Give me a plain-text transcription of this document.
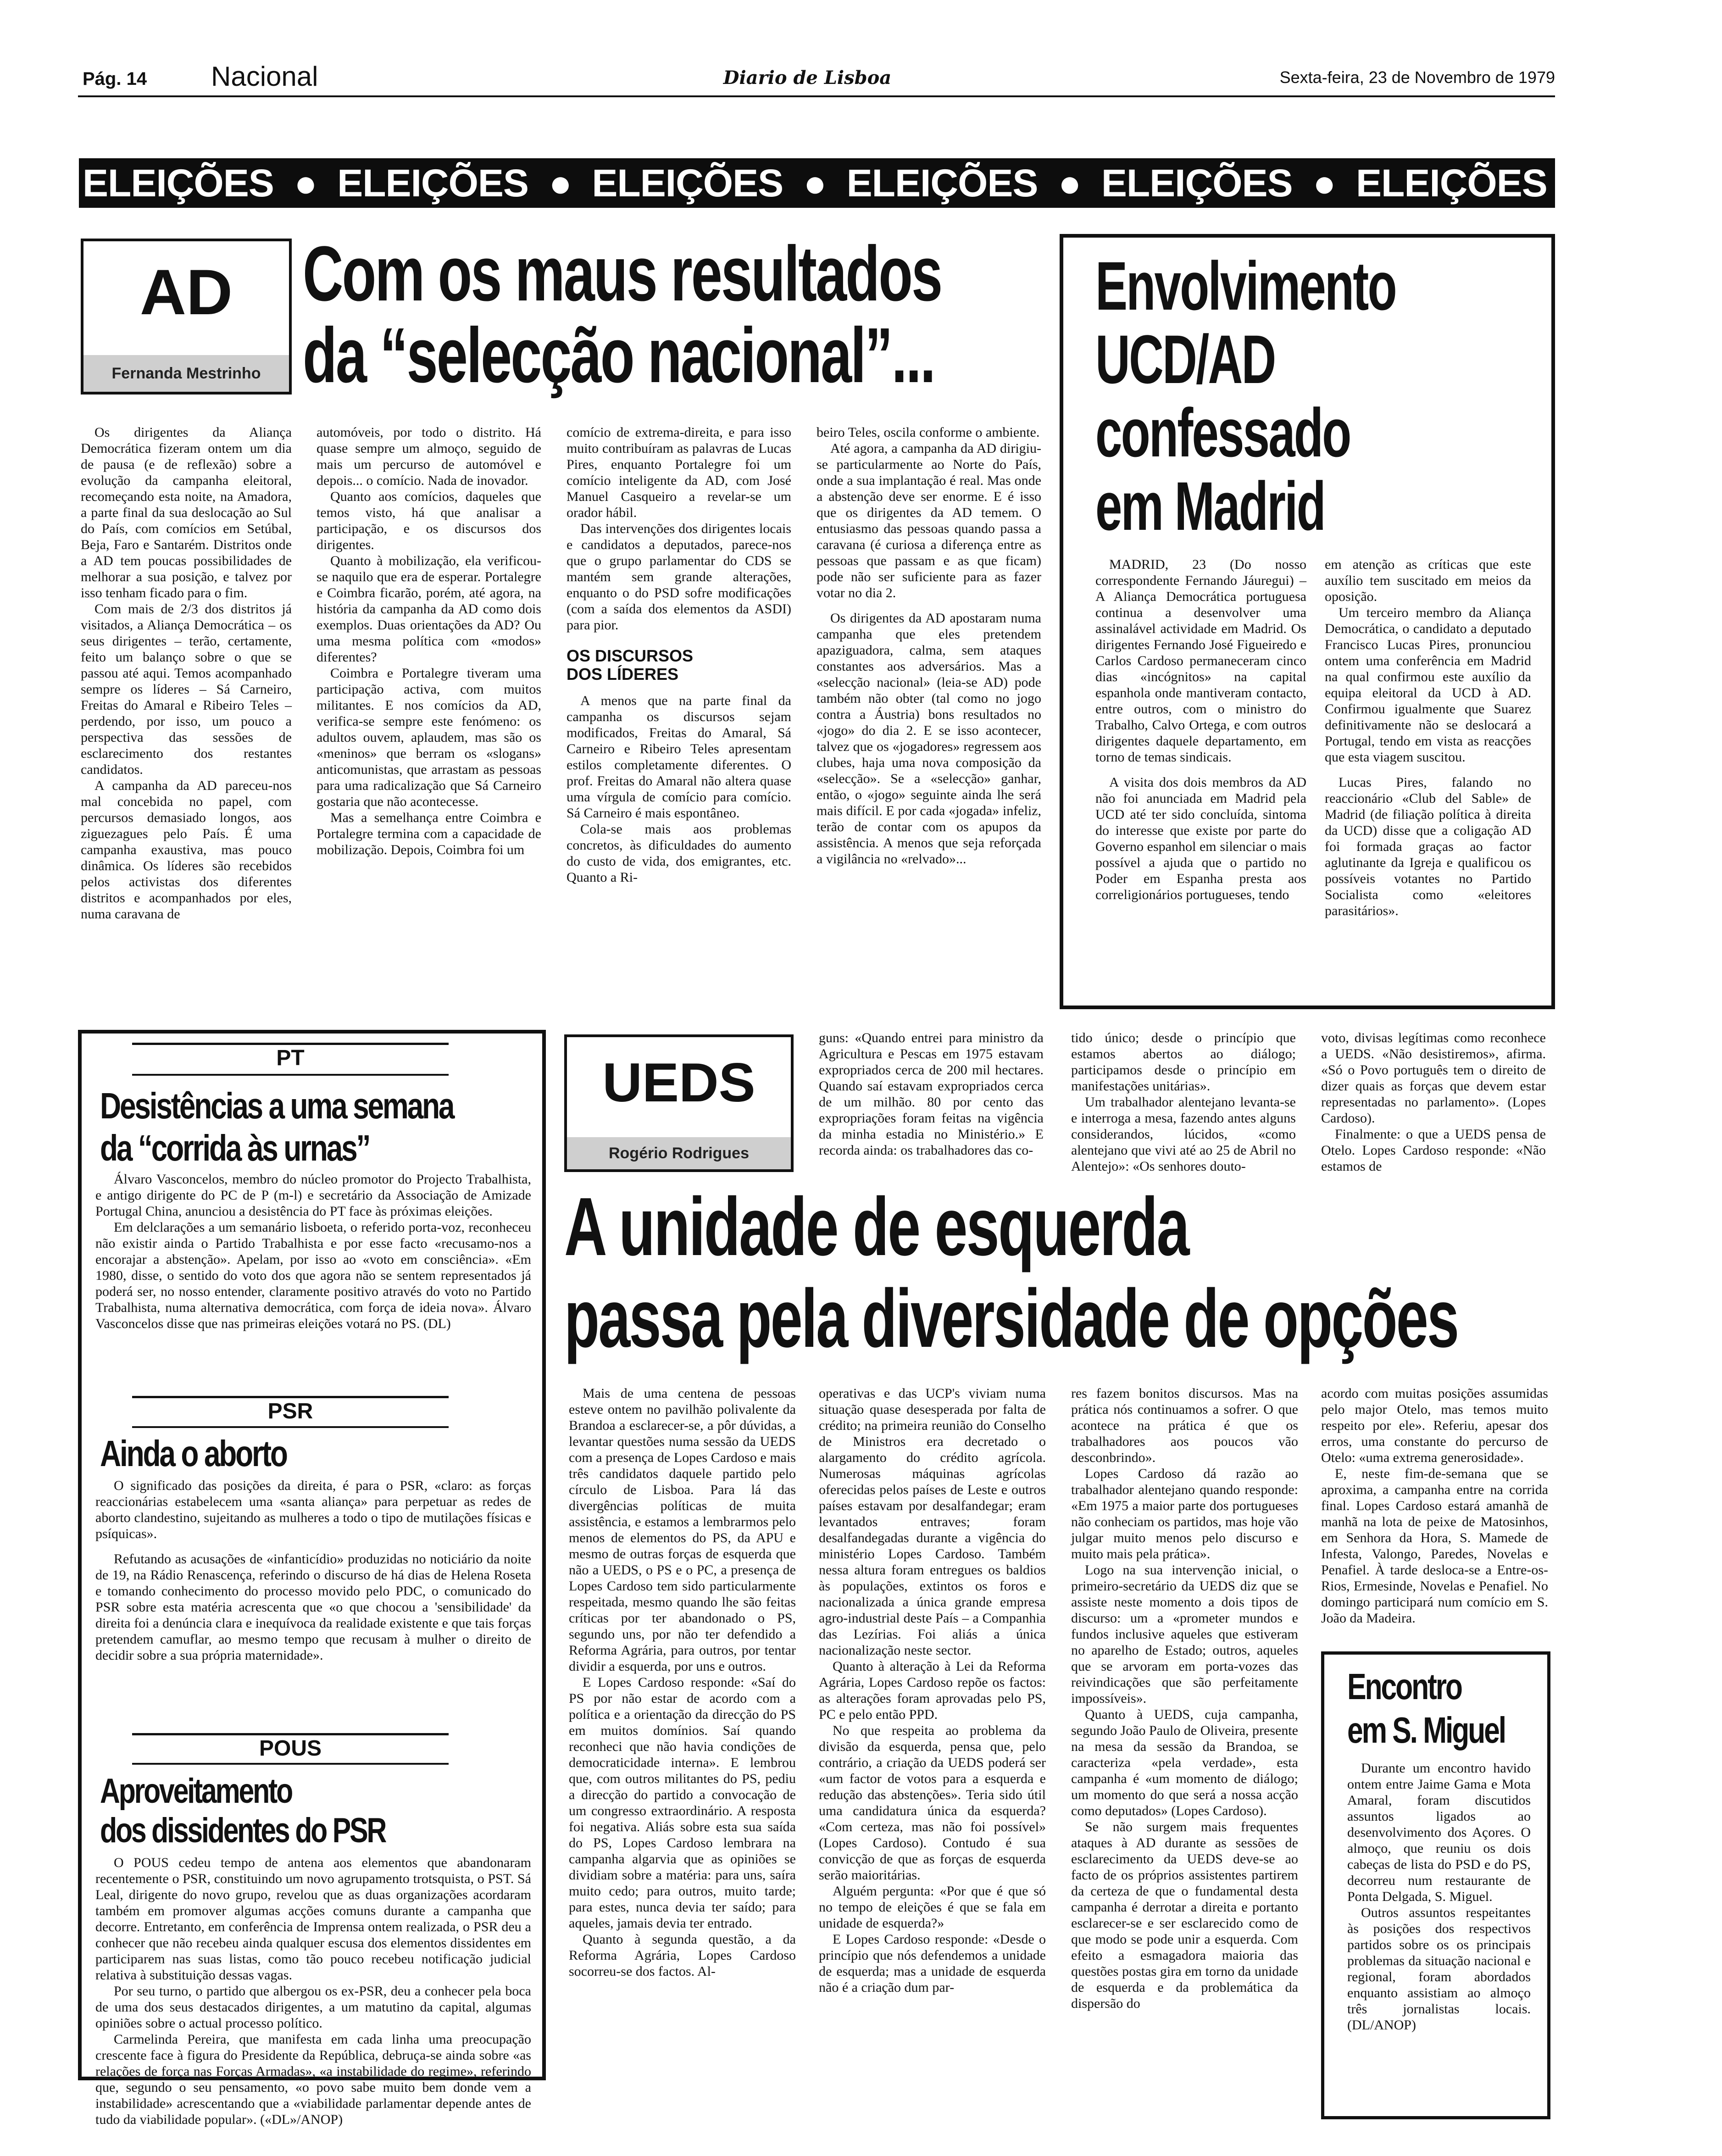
Pág. 14 Nacional	Diario de Lisboa	Sexta-feira, 23 de Novembro de 1979
ELEIÇÕES ● ELEIÇÕES ● ELEIÇÕES ● ELEIÇÕES ● ELEIÇÕES ● ELEIÇÕES ● ELEIÇ
AD
Fernanda Mestrinho
Com os maus resultados
da “selecção nacional”...

Os dirigentes da Aliança Democrática fizeram ontem um dia de pausa (e de reflexão) sobre a evolução da campanha eleitoral, recomeçando esta noite, na Amadora, a parte final da sua deslocação ao Sul do País, com comícios em Setúbal, Beja, Faro e Santarém. Distritos onde a AD tem poucas possibilidades de melhorar a sua posição, e talvez por isso tenham ficado para o fim.

Com mais de 2/3 dos distritos já visitados, a Aliança Democrática – os seus dirigentes – terão, certamente, feito um balanço sobre o que se passou até aqui. Temos acompanhado sempre os líderes – Sá Carneiro, Freitas do Amaral e Ribeiro Teles – perdendo, por isso, um pouco a perspectiva das sessões de esclarecimento dos restantes candidatos.

A campanha da AD pareceu-nos mal concebida no papel, com percursos demasiado longos, aos ziguezagues pelo País. É uma campanha exaustiva, mas pouco dinâmica. Os líderes são recebidos pelos activistas dos diferentes distritos e acompanhados por eles, numa caravana de

automóveis, por todo o distrito. Há quase sempre um almoço, seguido de mais um percurso de automóvel e depois... o comício. Nada de inovador.

Quanto aos comícios, daqueles que temos visto, há que analisar a participação, e os discursos dos dirigentes.

Quanto à mobilização, ela verificou-se naquilo que era de esperar. Portalegre e Coimbra ficarão, porém, até agora, na história da campanha da AD como dois exemplos. Duas orientações da AD? Ou uma mesma política com «modos» diferentes?

Coimbra e Portalegre tiveram uma participação activa, com muitos militantes. E nos comícios da AD, verifica-se sempre este fenómeno: os adultos ouvem, aplaudem, mas são os «meninos» que berram os «slogans» anticomunistas, que arrastam as pessoas para uma radicalização que Sá Carneiro gostaria que não acontecesse.

Mas a semelhança entre Coimbra e Portalegre termina com a capacidade de mobilização. Depois, Coimbra foi um

comício de extrema-direita, e para isso muito contribuíram as palavras de Lucas Pires, enquanto Portalegre foi um comício inteligente da AD, com José Manuel Casqueiro a revelar-se um orador hábil.

Das intervenções dos dirigentes locais e candidatos a deputados, parece-nos que o grupo parlamentar do CDS se mantém sem grande alterações, enquanto o do PSD sofre modificações (com a saída dos elementos da ASDI) para pior.

OS DISCURSOS DOS LÍDERES

A menos que na parte final da campanha os discursos sejam modificados, Freitas do Amaral, Sá Carneiro e Ribeiro Teles apresentam estilos completamente diferentes. O prof. Freitas do Amaral não altera quase uma vírgula de comício para comício. Sá Carneiro é mais espontâneo.

Cola-se mais aos problemas concretos, às dificuldades do aumento do custo de vida, dos emigrantes, etc. Quanto a Ri-

beiro Teles, oscila conforme o ambiente.

Até agora, a campanha da AD dirigiu-se particularmente ao Norte do País, onde a sua implantação é real. Mas onde a abstenção deve ser enorme. E é isso que os dirigentes da AD temem. O entusiasmo das pessoas quando passa a caravana (é curiosa a diferença entre as pessoas que passam e as que ficam) pode não ser suficiente para as fazer votar no dia 2.

Os dirigentes da AD apostaram numa campanha que eles pretendem apaziguadora, calma, sem ataques constantes aos adversários. Mas a «selecção nacional» (leia-se AD) pode também não obter (tal como no jogo contra a Áustria) bons resultados no «jogo» do dia 2. E se isso acontecer, talvez que os «jogadores» regressem aos clubes, haja uma nova composição da «selecção». Se a «selecção» ganhar, então, o «jogo» seguinte ainda lhe será mais difícil. E por cada «jogada» infeliz, terão de contar com os apupos da assistência. A menos que seja reforçada a vigilância no «relvado»...

Envolvimento
UCD/AD
confessado
em Madrid

MADRID, 23 (Do nosso correspondente Fernando Jáuregui) – A Aliança Democrática portuguesa continua a desenvolver uma assinalável actividade em Madrid. Os dirigentes Fernando José Figueiredo e Carlos Cardoso permaneceram cinco dias «incógnitos» na capital espanhola onde mantiveram contacto, entre outros, com o ministro do Trabalho, Calvo Ortega, e com outros dirigentes daquele departamento, em torno de temas sindicais.

A visita dos dois membros da AD não foi anunciada em Madrid pela UCD até ter sido concluída, sintoma do interesse que existe por parte do Governo espanhol em silenciar o mais possível a ajuda que o partido no Poder em Espanha presta aos correligionários portugueses, tendo

em atenção as críticas que este auxílio tem suscitado em meios da oposição.

Um terceiro membro da Aliança Democrática, o candidato a deputado Francisco Lucas Pires, pronunciou ontem uma conferência em Madrid na qual confirmou este auxílio da equipa eleitoral da UCD à AD. Confirmou igualmente que Suarez definitivamente não se deslocará a Portugal, tendo em vista as reacções que esta viagem suscitou.

Lucas Pires, falando no reaccionário «Club del Sable» de Madrid (de filiação política à direita da UCD) disse que a coligação AD foi formada graças ao factor aglutinante da Igreja e qualificou os possíveis votantes no Partido Socialista como «eleitores parasitários».

PT
Desistências a uma semana
da “corrida às urnas”

Álvaro Vasconcelos, membro do núcleo promotor do Projecto Trabalhista, e antigo dirigente do PC de P (m-l) e secretário da Associação de Amizade Portugal China, anunciou a desistência do PT face às próximas eleições.

Em delclarações a um semanário lisboeta, o referido porta-voz, reconheceu não existir ainda o Partido Trabalhista e por esse facto «recusamo-nos a encorajar a abstenção». Apelam, por isso ao «voto em consciência». «Em 1980, disse, o sentido do voto dos que agora não se sentem representados já poderá ser, no nosso entender, claramente positivo através do voto no Partido Trabalhista, numa alternativa democrática, com força de ideia nova». Álvaro Vasconcelos disse que nas primeiras eleições votará no PS. (DL)

PSR
Ainda o aborto

O significado das posições da direita, é para o PSR, «claro: as forças reaccionárias estabelecem uma «santa aliança» para perpetuar as redes de aborto clandestino, sujeitando as mulheres a todo o tipo de mutilações físicas e psíquicas».

Refutando as acusações de «infanticídio» produzidas no noticiário da noite de 19, na Rádio Renascença, referindo o discurso de há dias de Helena Roseta e tomando conhecimento do processo movido pelo PDC, o comunicado do PSR sobre esta matéria acrescenta que «o que chocou a 'sensibilidade' da direita foi a denúncia clara e inequívoca da realidade existente e que tais forças pretendem camuflar, ao mesmo tempo que recusam à mulher o direito de decidir sobre a sua própria maternidade».

POUS
Aproveitamento
dos dissidentes do PSR

O POUS cedeu tempo de antena aos elementos que abandonaram recentemente o PSR, constituindo um novo agrupamento trotsquista, o PST. Sá Leal, dirigente do novo grupo, revelou que as duas organizações acordaram também em promover algumas acções comuns durante a campanha que decorre. Entretanto, em conferência de Imprensa ontem realizada, o PSR deu a conhecer que não recebeu ainda qualquer escusa dos elementos dissidentes em participarem nas suas listas, como tão pouco recebeu notificação judicial relativa à substituição dessas vagas.

Por seu turno, o partido que albergou os ex-PSR, deu a conhecer pela boca de uma dos seus destacados dirigentes, a um matutino da capital, algumas opiniões sobre o actual processo político.

Carmelinda Pereira, que manifesta em cada linha uma preocupação crescente face à figura do Presidente da República, debruça-se ainda sobre «as relações de força nas Forças Armadas», «a instabilidade do regime», referindo que, segundo o seu pensamento, «o povo sabe muito bem donde vem a instabilidade» acrescentando que a «viabilidade parlamentar depende antes de tudo da viabilidade popular». («DL»/ANOP)

UEDS
Rogério Rodrigues

guns: «Quando entrei para ministro da Agricultura e Pescas em 1975 estavam expropriados cerca de 200 mil hectares. Quando saí estavam expropriados cerca de um milhão. 80 por cento das expropriações foram feitas na vigência da minha estadia no Ministério.» E recorda ainda: os trabalhadores das co-

tido único; desde o princípio que estamos abertos ao diálogo; participamos desde o princípio em manifestações unitárias».

Um trabalhador alentejano levanta-se e interroga a mesa, fazendo antes alguns considerandos, lúcidos, «como alentejano que vivi até ao 25 de Abril no Alentejo»: «Os senhores douto-

voto, divisas legítimas como reconhece a UEDS. «Não desistiremos», afirma. «Só o Povo português tem o direito de dizer quais as forças que devem estar representadas no parlamento». (Lopes Cardoso).

Finalmente: o que a UEDS pensa de Otelo. Lopes Cardoso responde: «Não estamos de

A unidade de esquerda
passa pela diversidade de opções

Mais de uma centena de pessoas esteve ontem no pavilhão polivalente da Brandoa a esclarecer-se, a pôr dúvidas, a levantar questões numa sessão da UEDS com a presença de Lopes Cardoso e mais três candidatos daquele partido pelo círculo de Lisboa. Para lá das divergências políticas de muita assistência, e estamos a lembrarmos pelo menos de elementos do PS, da APU e mesmo de outras forças de esquerda que não a UEDS, o PS e o PC, a presença de Lopes Cardoso tem sido particularmente respeitada, mesmo quando lhe são feitas críticas por ter abandonado o PS, segundo uns, por não ter defendido a Reforma Agrária, para outros, por tentar dividir a esquerda, por uns e outros.

E Lopes Cardoso responde: «Saí do PS por não estar de acordo com a política e a orientação da direcção do PS em muitos domínios. Saí quando reconheci que não havia condições de democraticidade interna». E lembrou que, com outros militantes do PS, pediu a direcção do partido a convocação de um congresso extraordinário. A resposta foi negativa. Aliás sobre esta sua saída do PS, Lopes Cardoso lembrara na campanha algarvia que as opiniões se dividiam sobre a matéria: para uns, saíra muito cedo; para outros, muito tarde; para estes, nunca devia ter saído; para aqueles, jamais devia ter entrado.

Quanto à segunda questão, a da Reforma Agrária, Lopes Cardoso socorreu-se dos factos. Al-

operativas e das UCP's viviam numa situação quase desesperada por falta de crédito; na primeira reunião do Conselho de Ministros era decretado o alargamento do crédito agrícola. Numerosas máquinas agrícolas oferecidas pelos países de Leste e outros países estavam por desalfandegar; eram levantados entraves; foram desalfandegadas durante a vigência do ministério Lopes Cardoso. Também nessa altura foram entregues os baldios às populações, extintos os foros e nacionalizada a única grande empresa agro-industrial deste País – a Companhia das Lezírias. Foi aliás a única nacionalização neste sector.

Quanto à alteração à Lei da Reforma Agrária, Lopes Cardoso repõe os factos: as alterações foram aprovadas pelo PS, PC e pelo então PPD.

No que respeita ao problema da divisão da esquerda, pensa que, pelo contrário, a criação da UEDS poderá ser «um factor de votos para a esquerda e redução das abstenções». Teria sido útil uma candidatura única da esquerda? «Com certeza, mas não foi possível» (Lopes Cardoso). Contudo é sua convicção de que as forças de esquerda serão maioritárias.

Alguém pergunta: «Por que é que só no tempo de eleições é que se fala em unidade de esquerda?»

E Lopes Cardoso responde: «Desde o princípio que nós defendemos a unidade de esquerda; mas a unidade de esquerda não é a criação dum par-

res fazem bonitos discursos. Mas na prática nós continuamos a sofrer. O que acontece na prática é que os trabalhadores aos poucos vão desconbrindo».

Lopes Cardoso dá razão ao trabalhador alentejano quando responde: «Em 1975 a maior parte dos portugueses não conheciam os partidos, mas hoje vão julgar muito menos pelo discurso e muito mais pela prática».

Logo na sua intervenção inicial, o primeiro-secretário da UEDS diz que se assiste neste momento a dois tipos de discurso: um a «prometer mundos e fundos inclusive aqueles que estiveram no aparelho de Estado; outros, aqueles que se arvoram em porta-vozes das reivindicações que são perfeitamente impossíveis».

Quanto à UEDS, cuja campanha, segundo João Paulo de Oliveira, presente na mesa da sessão da Brandoa, se caracteriza «pela verdade», esta campanha é «um momento de diálogo; um momento do que será a nossa acção como deputados» (Lopes Cardoso).

Se não surgem mais frequentes ataques à AD durante as sessões de esclarecimento da UEDS deve-se ao facto de os próprios assistentes partirem da certeza de que o fundamental desta campanha é derrotar a direita e portanto esclarecer-se e ser esclarecido como de que modo se pode unir a esquerda. Com efeito a esmagadora maioria das questões postas gira em torno da unidade de esquerda e da problemática da dispersão do

acordo com muitas posições assumidas pelo major Otelo, mas temos muito respeito por ele». Referiu, apesar dos erros, uma constante do percurso de Otelo: «uma extrema generosidade».

E, neste fim-de-semana que se aproxima, a campanha entre na corrida final. Lopes Cardoso estará amanhã de manhã na lota de peixe de Matosinhos, em Senhora da Hora, S. Mamede de Infesta, Valongo, Paredes, Novelas e Penafiel. À tarde desloca-se a Entre-os-Rios, Ermesinde, Novelas e Penafiel. No domingo participará num comício em S. João da Madeira.

Encontro
em S. Miguel

Durante um encontro havido ontem entre Jaime Gama e Mota Amaral, foram discutidos assuntos ligados ao desenvolvimento dos Açores. O almoço, que reuniu os dois cabeças de lista do PSD e do PS, decorreu num restaurante de Ponta Delgada, S. Miguel.

Outros assuntos respeitantes às posições dos respectivos partidos sobre os os principais problemas da situação nacional e regional, foram abordados enquanto assistiam ao almoço três jornalistas locais. (DL/ANOP)
